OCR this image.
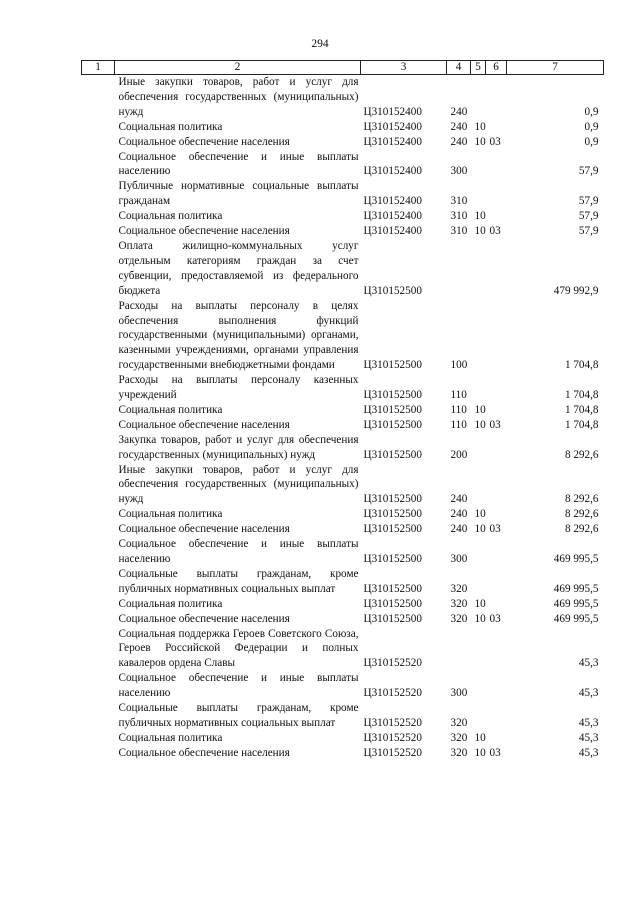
294
1	2	3	4	5	6	7
	Иные закупки товаров, работ и услуг для обеспечения государственных (муниципальных) нужд	Ц310152400	240			0,9
	Социальная политика	Ц310152400	240	10		0,9
	Социальное обеспечение населения	Ц310152400	240	10	03	0,9
	Социальное обеспечение и иные выплаты населению	Ц310152400	300			57,9
	Публичные нормативные социальные выплаты гражданам	Ц310152400	310			57,9
	Социальная политика	Ц310152400	310	10		57,9
	Социальное обеспечение населения	Ц310152400	310	10	03	57,9
	Оплата жилищно-коммунальных услуг отдельным категориям граждан за счет субвенции, предоставляемой из федерального бюджета	Ц310152500				479 992,9
	Расходы на выплаты персоналу в целях обеспечения выполнения функций государственными (муниципальными) органами, казенными учреждениями, органами управления государственными внебюджетными фондами	Ц310152500	100			1 704,8
	Расходы на выплаты персоналу казенных учреждений	Ц310152500	110			1 704,8
	Социальная политика	Ц310152500	110	10		1 704,8
	Социальное обеспечение населения	Ц310152500	110	10	03	1 704,8
	Закупка товаров, работ и услуг для обеспечения государственных (муниципальных) нужд	Ц310152500	200			8 292,6
	Иные закупки товаров, работ и услуг для обеспечения государственных (муниципальных) нужд	Ц310152500	240			8 292,6
	Социальная политика	Ц310152500	240	10		8 292,6
	Социальное обеспечение населения	Ц310152500	240	10	03	8 292,6
	Социальное обеспечение и иные выплаты населению	Ц310152500	300			469 995,5
	Социальные выплаты гражданам, кроме публичных нормативных социальных выплат	Ц310152500	320			469 995,5
	Социальная политика	Ц310152500	320	10		469 995,5
	Социальное обеспечение населения	Ц310152500	320	10	03	469 995,5
	Социальная поддержка Героев Советского Союза, Героев Российской Федерации и полных кавалеров ордена Славы	Ц310152520				45,3
	Социальное обеспечение и иные выплаты населению	Ц310152520	300			45,3
	Социальные выплаты гражданам, кроме публичных нормативных социальных выплат	Ц310152520	320			45,3
	Социальная политика	Ц310152520	320	10		45,3
	Социальное обеспечение населения	Ц310152520	320	10	03	45,3
